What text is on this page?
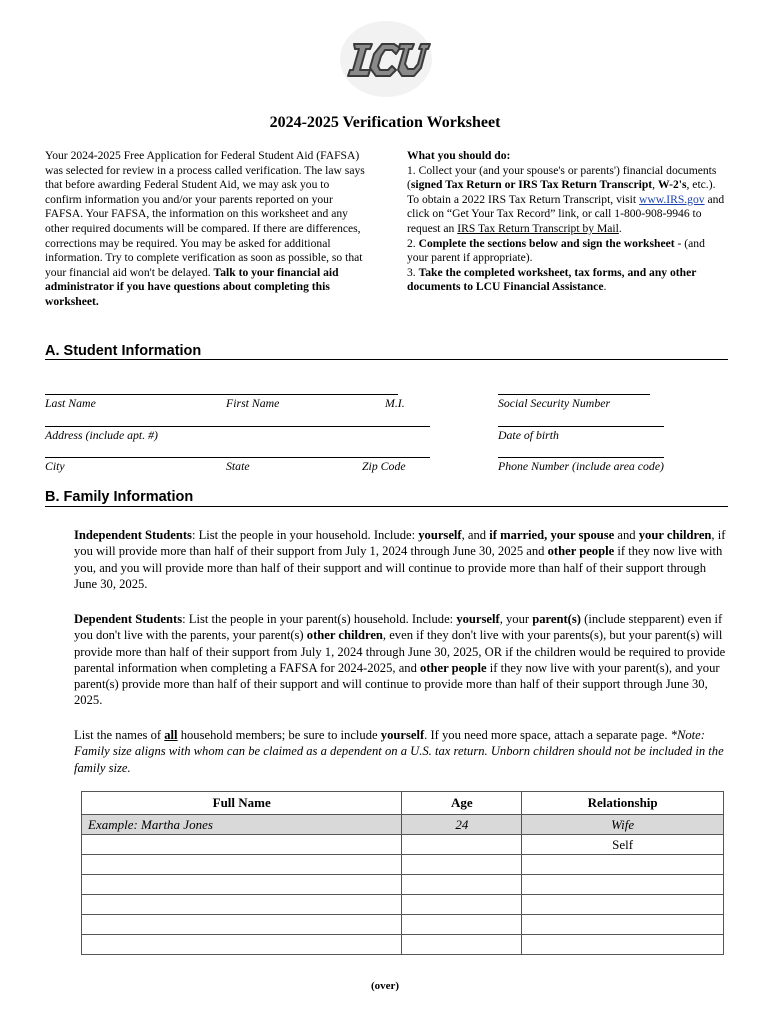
LCU
2024-2025 Verification Worksheet

Your 2024-2025 Free Application for Federal Student Aid (FAFSA) was selected for review in a process called verification. The law says that before awarding Federal Student Aid, we may ask you to confirm information you and/or your parents reported on your FAFSA. Your FAFSA, the information on this worksheet and any other required documents will be compared. If there are differences, corrections may be required. You may be asked for additional information. Try to complete verification as soon as possible, so that your financial aid won't be delayed. Talk to your financial aid administrator if you have questions about completing this worksheet.

What you should do:

1. Collect your (and your spouse's or parents') financial documents (signed Tax Return or IRS Tax Return Transcript, W-2's, etc.). To obtain a 2022 IRS Tax Return Transcript, visit www.IRS.gov and click on “Get Your Tax Record” link, or call 1-800-908-9946 to request an IRS Tax Return Transcript by Mail.

2. Complete the sections below and sign the worksheet - (and your parent if appropriate).

3. Take the completed worksheet, tax forms, and any other documents to LCU Financial Assistance.

A. Student Information
Last Name	First Name	M.I.	Social Security Number
Address (include apt. #)	Date of birth
City	State	Zip Code	Phone Number (include area code)
B. Family Information

Independent Students: List the people in your household. Include: yourself, and if married, your spouse and your children, if you will provide more than half of their support from July 1, 2024 through June 30, 2025 and other people if they now live with you, and you will provide more than half of their support and will continue to provide more than half of their support through June 30, 2025.

Dependent Students: List the people in your parent(s) household. Include: yourself, your parent(s) (include stepparent) even if you don't live with the parents, your parent(s) other children, even if they don't live with your parents(s), but your parent(s) will provide more than half of their support from July 1, 2024 through June 30, 2025, OR if the children would be required to provide parental information when completing a FAFSA for 2024-2025, and other people if they now live with your parent(s), and your parent(s) provide more than half of their support and will continue to provide more than half of their support through June 30, 2025.

List the names of all household members; be sure to include yourself. If you need more space, attach a separate page. *Note: Family size aligns with whom can be claimed as a dependent on a U.S. tax return. Unborn children should not be included in the family size.

Full Name	Age	Relationship
Example: Martha Jones	24	Wife
		Self

(over)
